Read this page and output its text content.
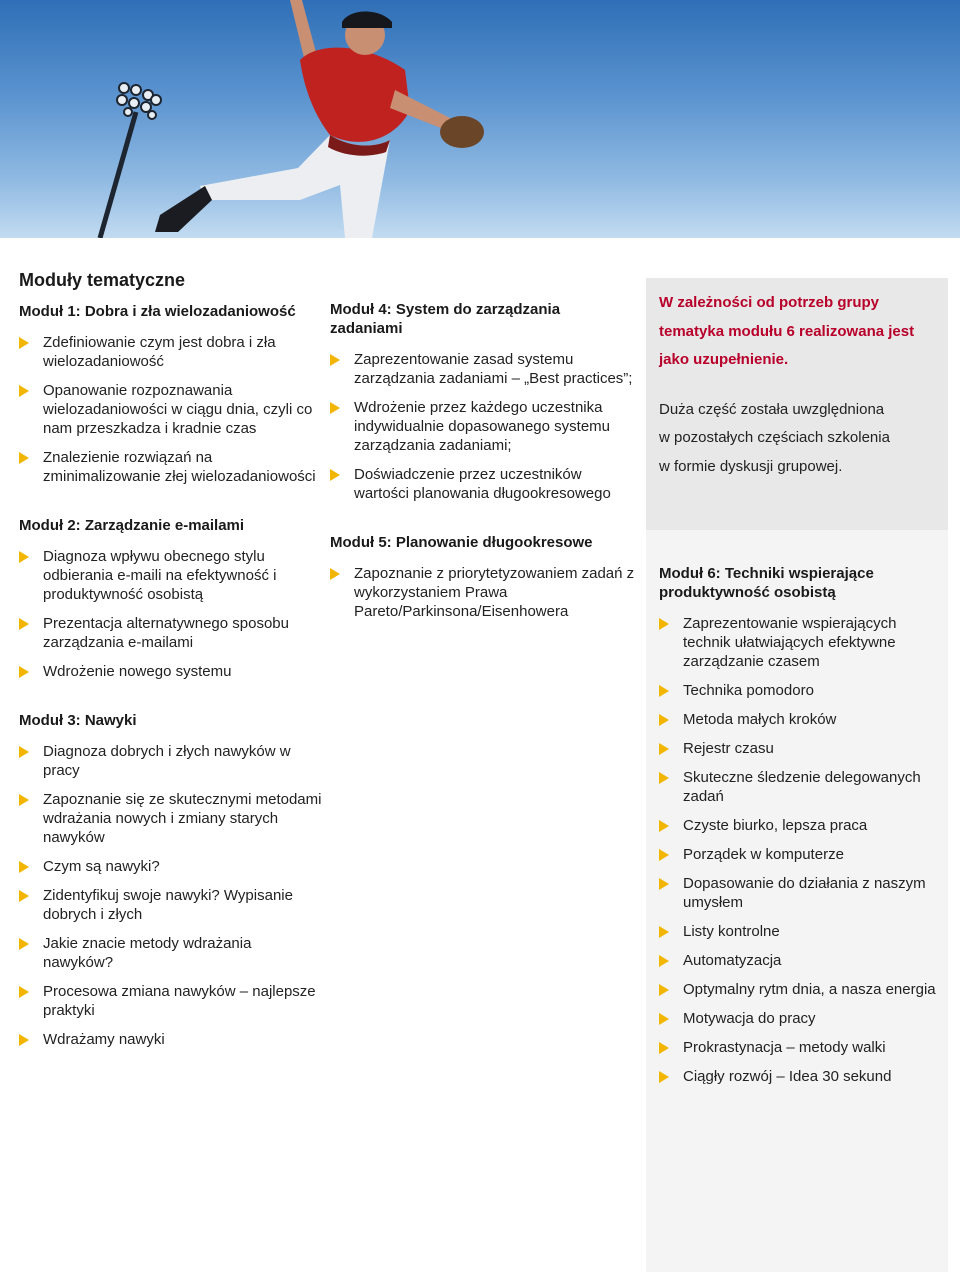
Moduły tematyczne
Moduł 1: Dobra i zła wielozadaniowość
Zdefiniowanie czym jest dobra i zła wielozadaniowość
Opanowanie rozpoznawania wielozadaniowości w ciągu dnia, czyli co nam przeszkadza i kradnie czas
Znalezienie rozwiązań na zminimalizowanie złej wielozadaniowości
Moduł 2: Zarządzanie e-mailami
Diagnoza wpływu obecnego stylu odbierania e-maili na efektywność i produktywność osobistą
Prezentacja alternatywnego sposobu zarządzania e-mailami
Wdrożenie nowego systemu
Moduł 3: Nawyki
Diagnoza dobrych i złych nawyków w pracy
Zapoznanie się ze skutecznymi metodami wdrażania nowych i zmiany starych nawyków
Czym są nawyki?
Zidentyfikuj swoje nawyki? Wypisanie dobrych i złych
Jakie znacie metody wdrażania nawyków?
Procesowa zmiana nawyków – najlepsze praktyki
Wdrażamy nawyki
Moduł 4: System do zarządzania zadaniami
Zaprezentowanie zasad systemu zarządzania zadaniami – „Best practices”;
Wdrożenie przez każdego uczestnika indywidualnie dopasowanego systemu zarządzania zadaniami;
Doświadczenie przez uczestników wartości planowania długookresowego
Moduł 5: Planowanie długookresowe
Zapoznanie z priorytetyzowaniem zadań z wykorzystaniem Prawa Pareto/Parkinsona/Eisenhowera

W zależności od potrzeb grupy

tematyka modułu 6 realizowana jest

jako uzupełnienie.

Duża część została uwzględniona

w pozostałych częściach szkolenia

w formie dyskusji grupowej.

Moduł 6: Techniki wspierające produktywność osobistą
Zaprezentowanie wspierających technik ułatwiających efektywne zarządzanie czasem
Technika pomodoro
Metoda małych kroków
Rejestr czasu
Skuteczne śledzenie delegowanych zadań
Czyste biurko, lepsza praca
Porządek w komputerze
Dopasowanie do działania z naszym umysłem
Listy kontrolne
Automatyzacja
Optymalny rytm dnia, a nasza energia
Motywacja do pracy
Prokrastynacja – metody walki
Ciągły rozwój – Idea 30 sekund
